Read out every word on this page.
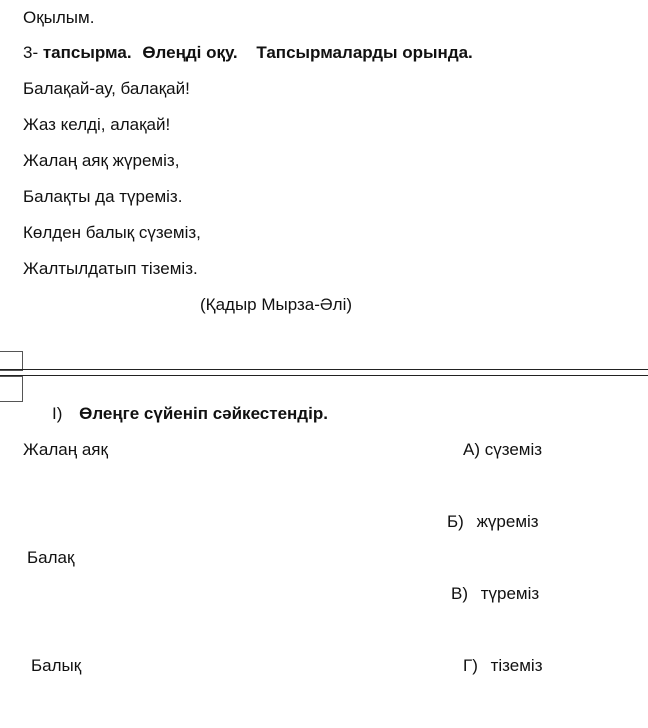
Оқылым.
3- тапсырма. Өлеңді оқу. Тапсырмаларды орында.
Балақай-ау, балақай!
Жаз келді, алақай!
Жалаң аяқ жүреміз,
Балақты да түреміз.
Көлден балық сүземіз,
Жалтылдатып тіземіз.
(Қадыр Мырза-Әлі)
I) Өлеңге сүйеніп сәйкестендір.
Жалаң аяқ
Балақ
Балық
А) сүземіз
Б) жүреміз
В) түреміз
Г) тіземіз
